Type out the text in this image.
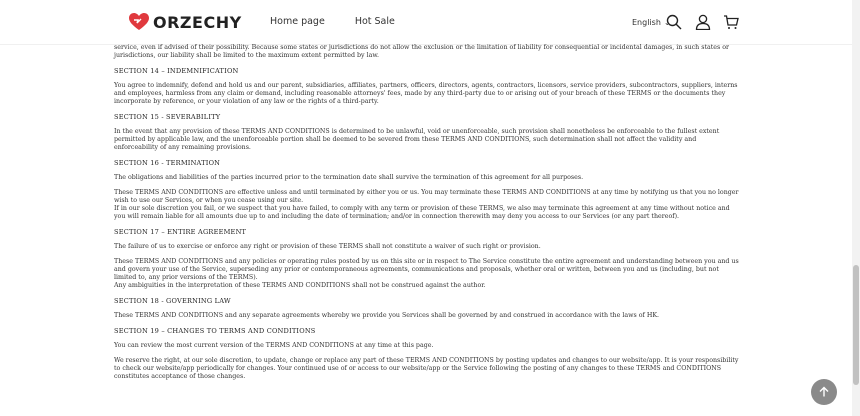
ORZECHY	Home page	Hot Sale	English ⌄

service, even if advised of their possibility. Because some states or jurisdictions do not allow the exclusion or the limitation of liability for consequential or incidental damages, in such states or jurisdictions, our liability shall be limited to the maximum extent permitted by law.

SECTION 14 – INDEMNIFICATION

You agree to indemnify, defend and hold us and our parent, subsidiaries, affiliates, partners, officers, directors, agents, contractors, licensors, service providers, subcontractors, suppliers, interns and employees, harmless from any claim or demand, including reasonable attorneys' fees, made by any third-party due to or arising out of your breach of these TERMS or the documents they incorporate by reference, or your violation of any law or the rights of a third-party.

SECTION 15 - SEVERABILITY

In the event that any provision of these TERMS AND CONDITIONS is determined to be unlawful, void or unenforceable, such provision shall nonetheless be enforceable to the fullest extent permitted by applicable law, and the unenforceable portion shall be deemed to be severed from these TERMS AND CONDITIONS, such determination shall not affect the validity and enforceability of any remaining provisions.

SECTION 16 - TERMINATION

The obligations and liabilities of the parties incurred prior to the termination date shall survive the termination of this agreement for all purposes.

These TERMS AND CONDITIONS are effective unless and until terminated by either you or us. You may terminate these TERMS AND CONDITIONS at any time by notifying us that you no longer wish to use our Services, or when you cease using our site.

If in our sole discretion you fail, or we suspect that you have failed, to comply with any term or provision of these TERMS, we also may terminate this agreement at any time without notice and you will remain liable for all amounts due up to and including the date of termination; and/or in connection therewith may deny you access to our Services (or any part thereof).

SECTION 17 – ENTIRE AGREEMENT

The failure of us to exercise or enforce any right or provision of these TERMS shall not constitute a waiver of such right or provision.

These TERMS AND CONDITIONS and any policies or operating rules posted by us on this site or in respect to The Service constitute the entire agreement and understanding between you and us and govern your use of the Service, superseding any prior or contemporaneous agreements, communications and proposals, whether oral or written, between you and us (including, but not limited to, any prior versions of the TERMS).

Any ambiguities in the interpretation of these TERMS AND CONDITIONS shall not be construed against the author.

SECTION 18 - GOVERNING LAW

These TERMS AND CONDITIONS and any separate agreements whereby we provide you Services shall be governed by and construed in accordance with the laws of HK.

SECTION 19 – CHANGES TO TERMS AND CONDITIONS

You can review the most current version of the TERMS AND CONDITIONS at any time at this page.

We reserve the right, at our sole discretion, to update, change or replace any part of these TERMS AND CONDITIONS by posting updates and changes to our website/app. It is your responsibility to check our website/app periodically for changes. Your continued use of or access to our website/app or the Service following the posting of any changes to these TERMS and CONDITIONS constitutes acceptance of those changes.
